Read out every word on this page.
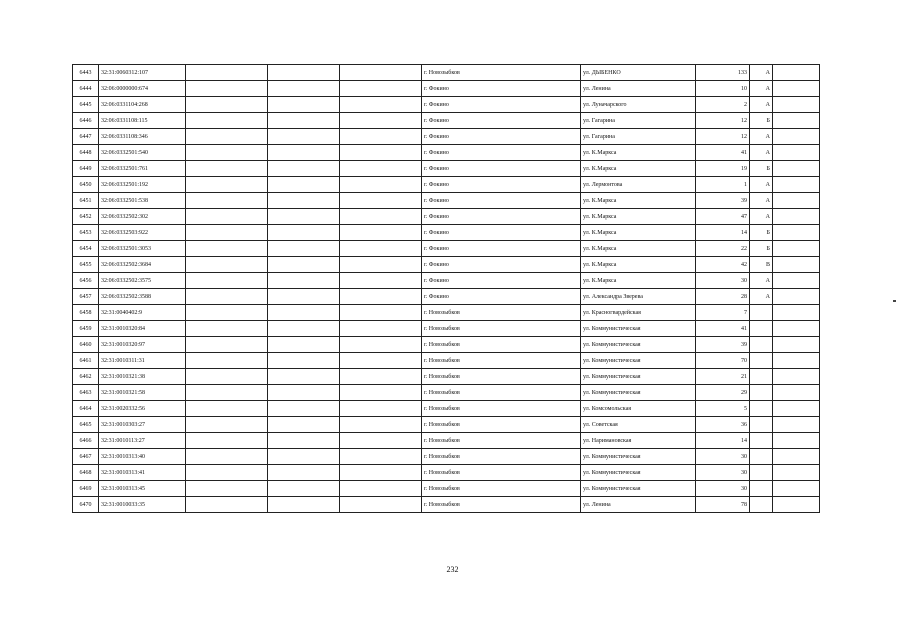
6443	32:31:0060312:107				г. Новозыбков	ул. ДЫБЕНКО	133	А	
6444	32:06:0000000:674				г. Фокино	ул. Ленина	10	А	
6445	32:06:0331104:268				г. Фокино	ул. Луначарского	2	А	
6446	32:06:0331108:115				г. Фокино	ул. Гагарина	12	Б	
6447	32:06:0331108:346				г. Фокино	ул. Гагарина	12	А	
6448	32:06:0332501:540				г. Фокино	ул. К.Маркса	41	А	
6449	32:06:0332501:761				г. Фокино	ул. К.Маркса	19	Б	
6450	32:06:0332501:192				г. Фокино	ул. Лермонтова	1	А	
6451	32:06:0332501:538				г. Фокино	ул. К.Маркса	39	А	
6452	32:06:0332502:302				г. Фокино	ул. К.Маркса	47	А	
6453	32:06:0332503:922				г. Фокино	ул. К.Маркса	14	Б	
6454	32:06:0332501:3053				г. Фокино	ул. К.Маркса	22	Б	
6455	32:06:0332502:3684				г. Фокино	ул. К.Маркса	42	В	
6456	32:06:0332502:3575				г. Фокино	ул. К.Маркса	30	А	
6457	32:06:0332502:3588				г. Фокино	ул. Александра Зверева	28	А	
6458	32:31:0040402:9				г. Новозыбков	ул. Красногвардейская	7		
6459	32:31:0010320:84				г. Новозыбков	ул. Коммунистическая	41		
6460	32:31:0010320:97				г. Новозыбков	ул. Коммунистическая	39		
6461	32:31:0010311:31				г. Новозыбков	ул. Коммунистическая	70		
6462	32:31:0010321:38				г. Новозыбков	ул. Коммунистическая	21		
6463	32:31:0010321:58				г. Новозыбков	ул. Коммунистическая	29		
6464	32:31:0020332:56				г. Новозыбков	ул. Комсомольская	5		
6465	32:31:0010303:27				г. Новозыбков	ул. Советская	36		
6466	32:31:0010113:27				г. Новозыбков	ул. Наримановская	14		
6467	32:31:0010313:40				г. Новозыбков	ул. Коммунистическая	30		
6468	32:31:0010313:41				г. Новозыбков	ул. Коммунистическая	30		
6469	32:31:0010313:45				г. Новозыбков	ул. Коммунистическая	30		
6470	32:31:0010033:35				г. Новозыбков	ул. Ленина	78		
232
